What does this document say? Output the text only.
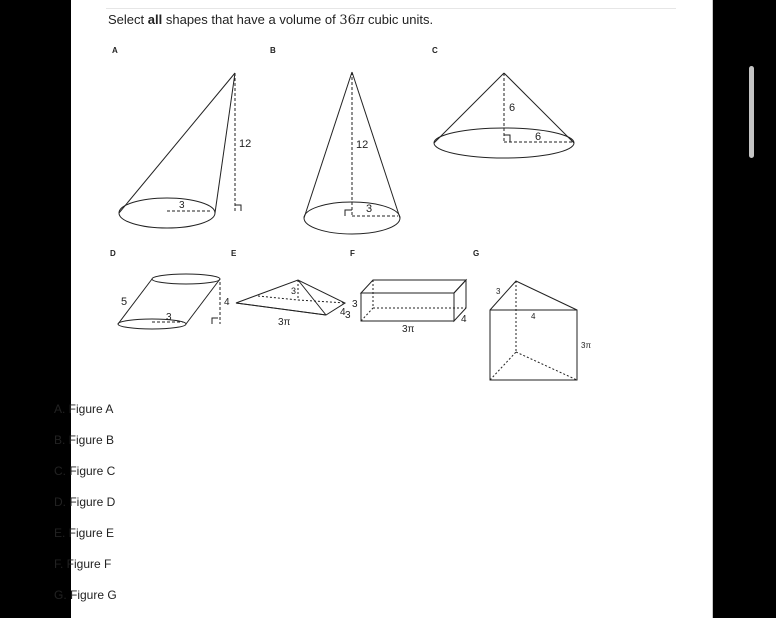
Select all shapes that have a volume of 36π cubic units.
A	B	C
D	E	F	G
12
3
12
3
6
6
5	4
3
3
4
3π
3
4
3π
3
3
4
3π
A. Figure A
B. Figure B
C. Figure C
D. Figure D
E. Figure E
F. Figure F
G. Figure G
